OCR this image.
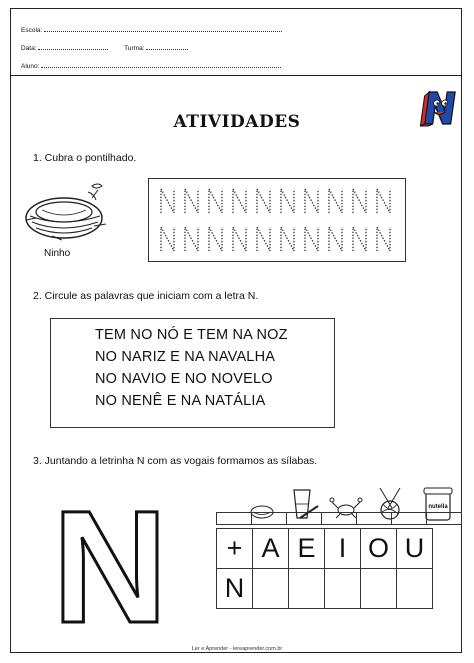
Escola:
Data:	Turma:
Aluno:
ATIVIDADES
1. Cubra o pontilhado.
Ninho
2. Circule as palavras que iniciam com a letra N.
TEM NO NÓ E TEM NA NOZ
NO NARIZ E NA NAVALHA
NO NAVIO E NO NOVELO
NO NENÊ E NA NATÁLIA
3. Juntando a letrinha N com as vogais formamos as sílabas.
N	nutella
+	A	E	I	O	U
N					
Ler e Aprender - lereaprender.com.br
